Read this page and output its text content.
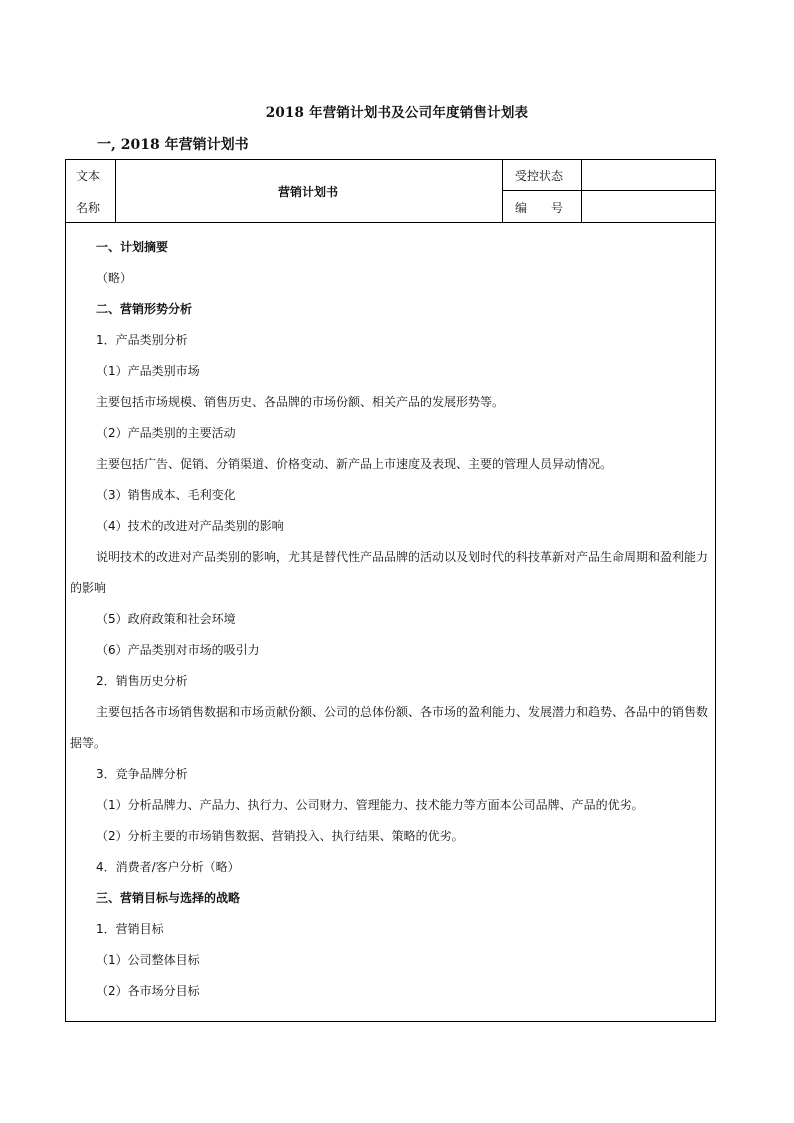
2018 年营销计划书及公司年度销售计划表
一, 2018 年营销计划书
文本
名称
营销计划书
受控状态
编　　号

一、计划摘要

（略）

二、营销形势分析

1．产品类别分析

（1）产品类别市场

主要包括市场规模、销售历史、各品牌的市场份额、相关产品的发展形势等。

（2）产品类别的主要活动

主要包括广告、促销、分销渠道、价格变动、新产品上市速度及表现、主要的管理人员异动情况。

（3）销售成本、毛利变化

（4）技术的改进对产品类别的影响

说明技术的改进对产品类别的影响，尤其是替代性产品品牌的活动以及划时代的科技革新对产品生命周期和盈利能力的影响

（5）政府政策和社会环境

（6）产品类别对市场的吸引力

2．销售历史分析

主要包括各市场销售数据和市场贡献份额、公司的总体份额、各市场的盈利能力、发展潜力和趋势、各品中的销售数据等。

3．竞争品牌分析

（1）分析品牌力、产品力、执行力、公司财力、管理能力、技术能力等方面本公司品牌、产品的优劣。

（2）分析主要的市场销售数据、营销投入、执行结果、策略的优劣。

4．消费者/客户分析（略）

三、营销目标与选择的战略

1．营销目标

（1）公司整体目标

（2）各市场分目标
